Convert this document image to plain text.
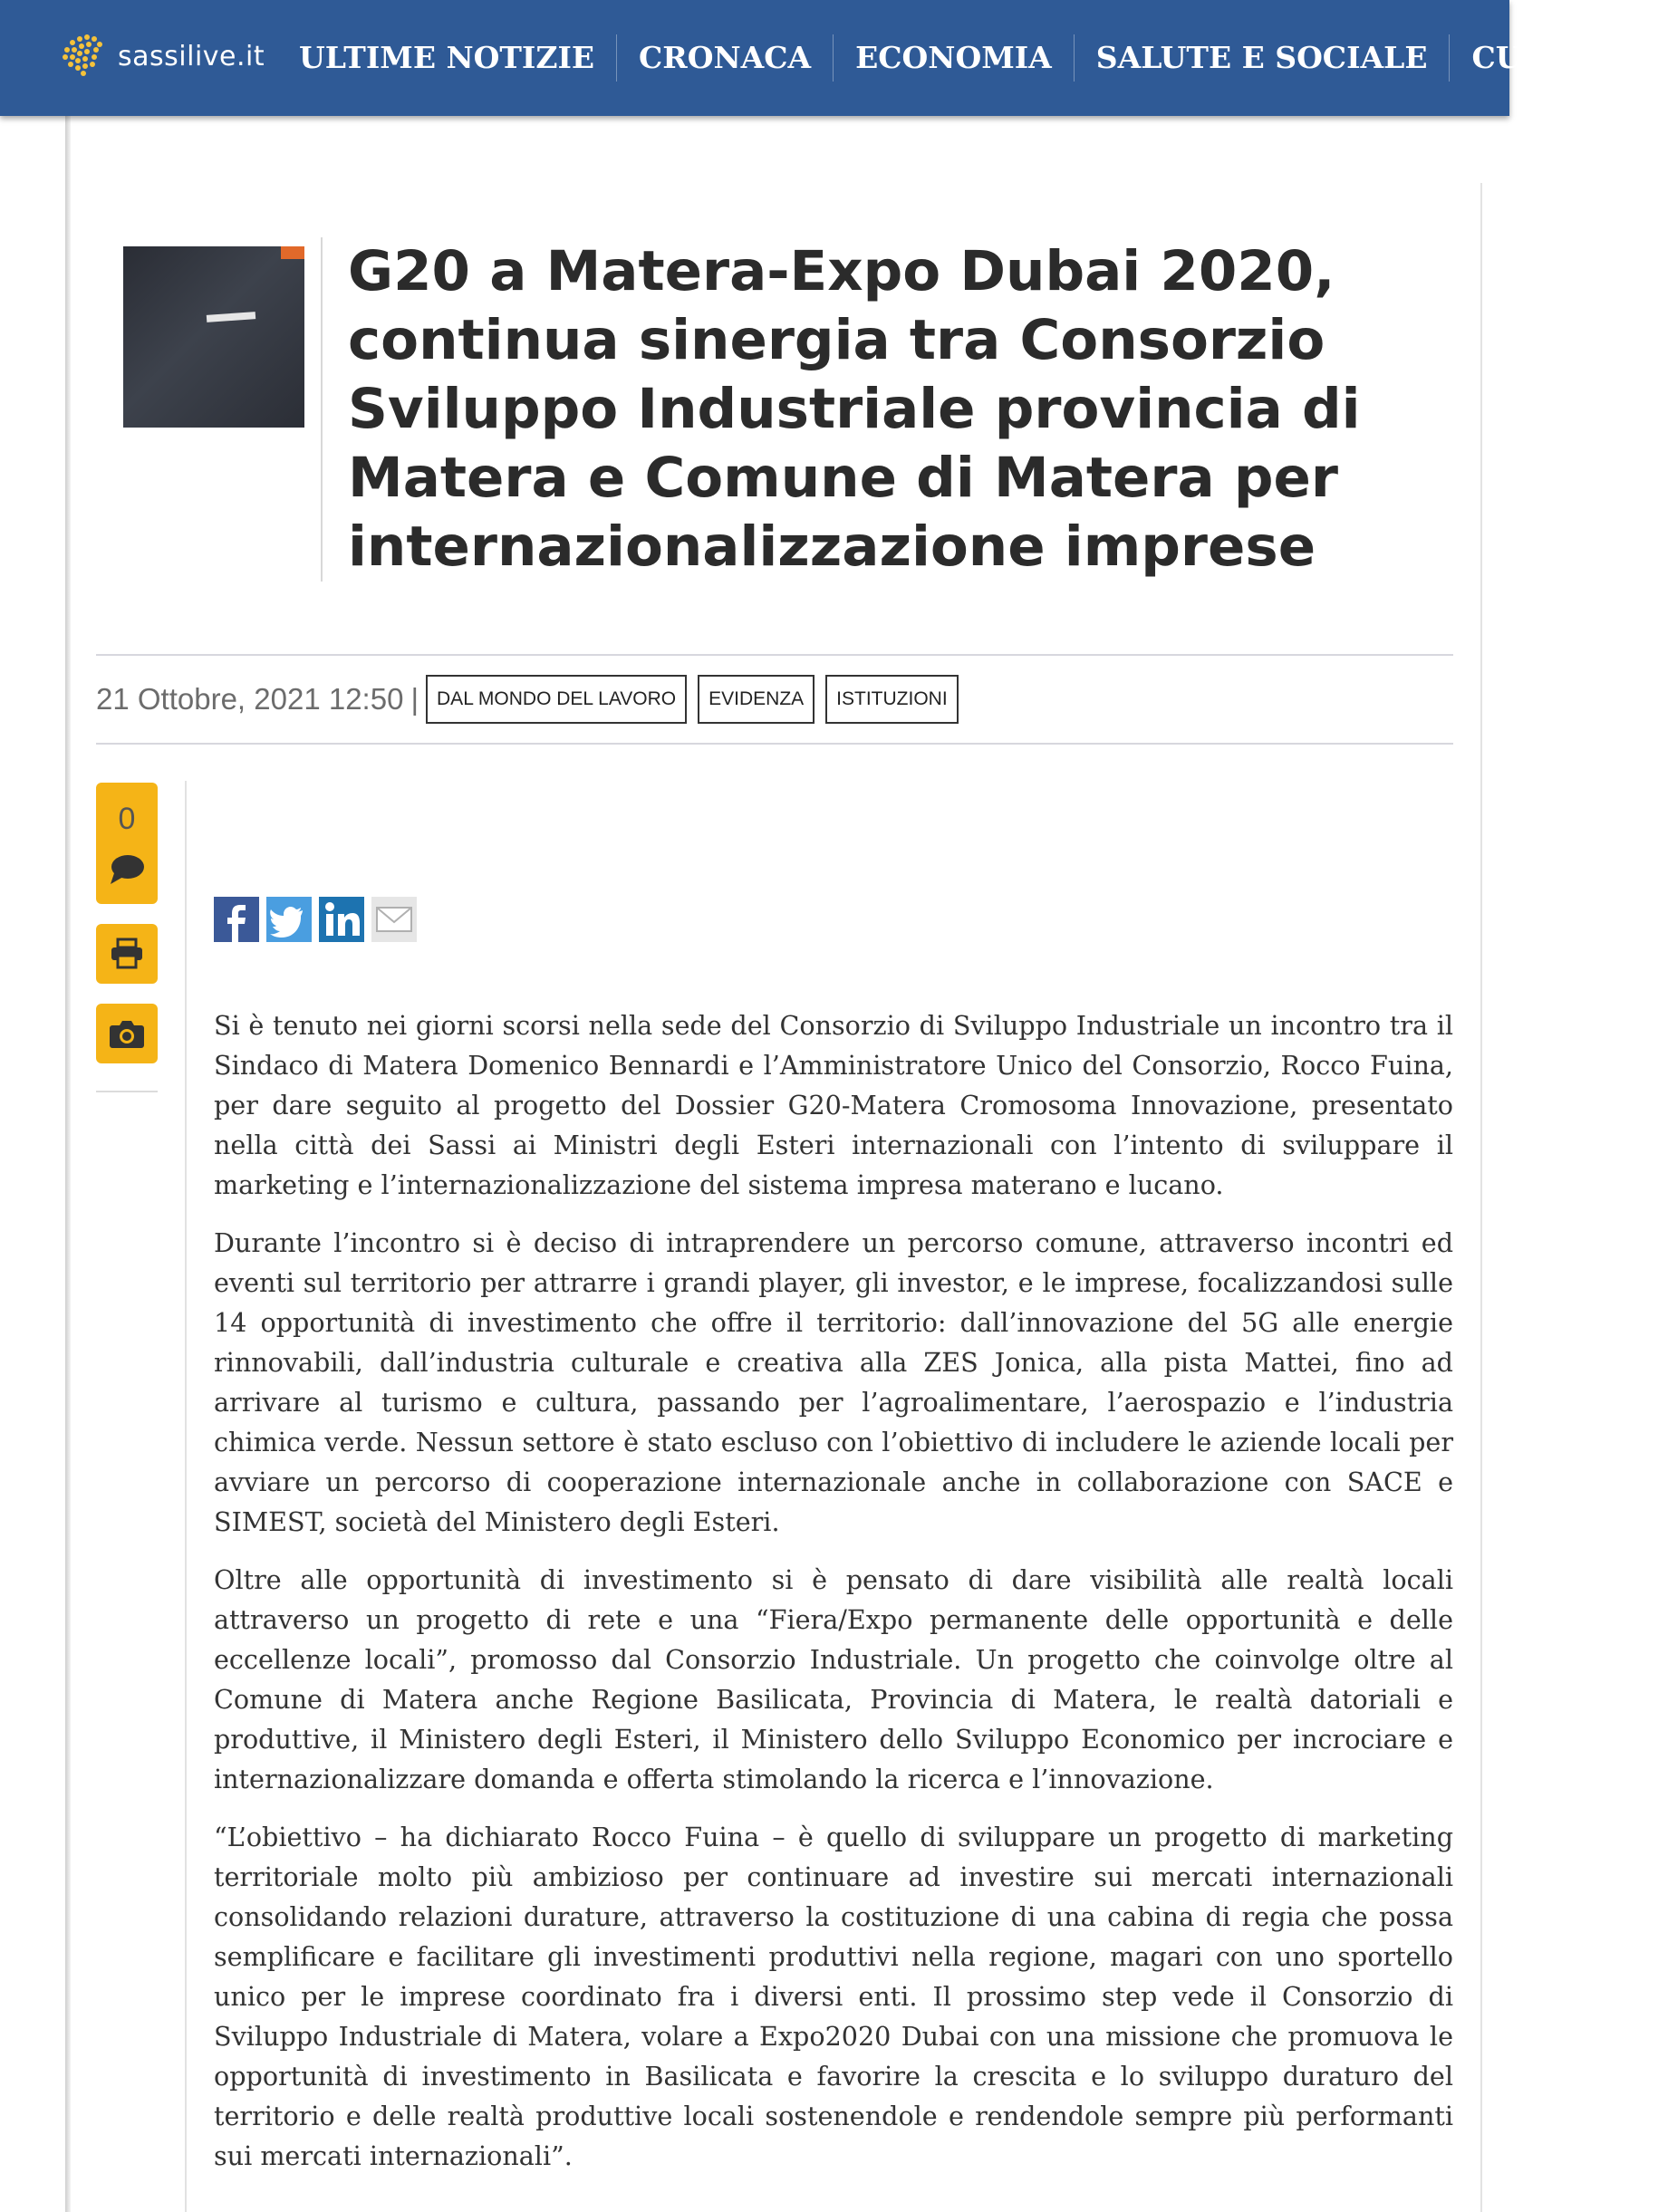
sassilive.it	ULTIME NOTIZIE	CRONACA	ECONOMIA	SALUTE E SOCIALE	CULTURA
G20 a Matera-Expo Dubai 2020, continua sinergia tra Consorzio Sviluppo Industriale provincia di Matera e Comune di Matera per internazionalizzazione imprese
21 Ottobre, 2021 12:50 | DAL MONDO DEL LAVORO	EVIDENZA	ISTITUZIONI
0

Si è tenuto nei giorni scorsi nella sede del Consorzio di Sviluppo Industriale un incontro tra il Sindaco di Matera Domenico Bennardi e l’Amministratore Unico del Consorzio, Rocco Fuina, per dare seguito al progetto del Dossier G20-Matera Cromosoma Innovazione, presentato nella città dei Sassi ai Ministri degli Esteri internazionali con l’intento di sviluppare il marketing e l’internazionalizzazione del sistema impresa materano e lucano.

Durante l’incontro si è deciso di intraprendere un percorso comune, attraverso incontri ed eventi sul territorio per attrarre i grandi player, gli investor, e le imprese, focalizzandosi sulle 14 opportunità di investimento che offre il territorio: dall’innovazione del 5G alle energie rinnovabili, dall’industria culturale e creativa alla ZES Jonica, alla pista Mattei, fino ad arrivare al turismo e cultura, passando per l’agroalimentare, l’aerospazio e l’industria chimica verde. Nessun settore è stato escluso con l’obiettivo di includere le aziende locali per avviare un percorso di cooperazione internazionale anche in collaborazione con SACE e SIMEST, società del Ministero degli Esteri.

Oltre alle opportunità di investimento si è pensato di dare visibilità alle realtà locali attraverso un progetto di rete e una “Fiera/Expo permanente delle opportunità e delle eccellenze locali”, promosso dal Consorzio Industriale. Un progetto che coinvolge oltre al Comune di Matera anche Regione Basilicata, Provincia di Matera, le realtà datoriali e produttive, il Ministero degli Esteri, il Ministero dello Sviluppo Economico per incrociare e internazionalizzare domanda e offerta stimolando la ricerca e l’innovazione.

“L’obiettivo – ha dichiarato Rocco Fuina – è quello di sviluppare un progetto di marketing territoriale molto più ambizioso per continuare ad investire sui mercati internazionali consolidando relazioni durature, attraverso la costituzione di una cabina di regia che possa semplificare e facilitare gli investimenti produttivi nella regione, magari con uno sportello unico per le imprese coordinato fra i diversi enti. Il prossimo step vede il Consorzio di Sviluppo Industriale di Matera, volare a Expo2020 Dubai con una missione che promuova le opportunità di investimento in Basilicata e favorire la crescita e lo sviluppo duraturo del territorio e delle realtà produttive locali sostenendole e rendendole sempre più performanti sui mercati internazionali”.
